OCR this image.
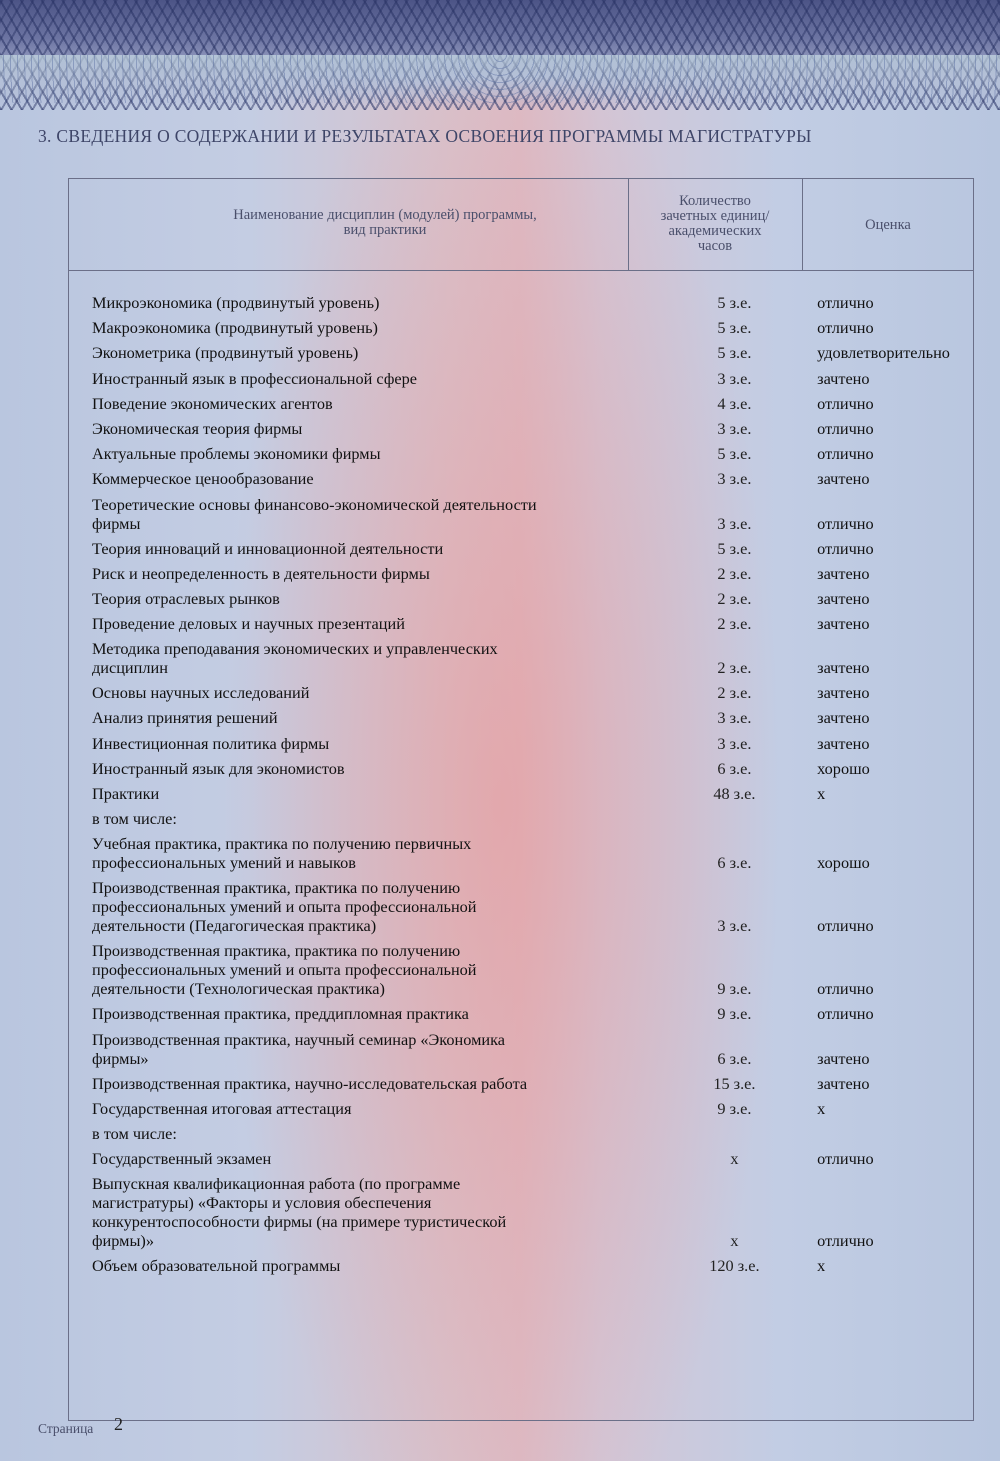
3. СВЕДЕНИЯ О СОДЕРЖАНИИ И РЕЗУЛЬТАТАХ ОСВОЕНИЯ ПРОГРАММЫ МАГИСТРАТУРЫ
Наименование дисциплин (модулей) программы,
вид практики
Количество
зачетных единиц/
академических
часов
Оценка
Микроэкономика (продвинутый уровень)	5 з.е.	отлично
Макроэкономика (продвинутый уровень)	5 з.е.	отлично
Эконометрика (продвинутый уровень)	5 з.е.	удовлетворительно
Иностранный язык в профессиональной сфере	3 з.е.	зачтено
Поведение экономических агентов	4 з.е.	отлично
Экономическая теория фирмы	3 з.е.	отлично
Актуальные проблемы экономики фирмы	5 з.е.	отлично
Коммерческое ценообразование	3 з.е.	зачтено
Теоретические основы финансово-экономической деятельности
фирмы	3 з.е.	отлично
Теория инноваций и инновационной деятельности	5 з.е.	отлично
Риск и неопределенность в деятельности фирмы	2 з.е.	зачтено
Теория отраслевых рынков	2 з.е.	зачтено
Проведение деловых и научных презентаций	2 з.е.	зачтено
Методика преподавания экономических и управленческих
дисциплин	2 з.е.	зачтено
Основы научных исследований	2 з.е.	зачтено
Анализ принятия решений	3 з.е.	зачтено
Инвестиционная политика фирмы	3 з.е.	зачтено
Иностранный язык для экономистов	6 з.е.	хорошо
Практики	48 з.е.	х
в том числе:
Учебная практика, практика по получению первичных
профессиональных умений и навыков	6 з.е.	хорошо
Производственная практика, практика по получению
профессиональных умений и опыта профессиональной
деятельности (Педагогическая практика)	3 з.е.	отлично
Производственная практика, практика по получению
профессиональных умений и опыта профессиональной
деятельности (Технологическая практика)	9 з.е.	отлично
Производственная практика, преддипломная практика	9 з.е.	отлично
Производственная практика, научный семинар «Экономика
фирмы»	6 з.е.	зачтено
Производственная практика, научно-исследовательская работа	15 з.е.	зачтено
Государственная итоговая аттестация	9 з.е.	х
в том числе:
Государственный экзамен	х	отлично
Выпускная квалификационная работа (по программе
магистратуры) «Факторы и условия обеспечения
конкурентоспособности фирмы (на примере туристической
фирмы)»	х	отлично
Объем образовательной программы	120 з.е.	х
Страница 2
